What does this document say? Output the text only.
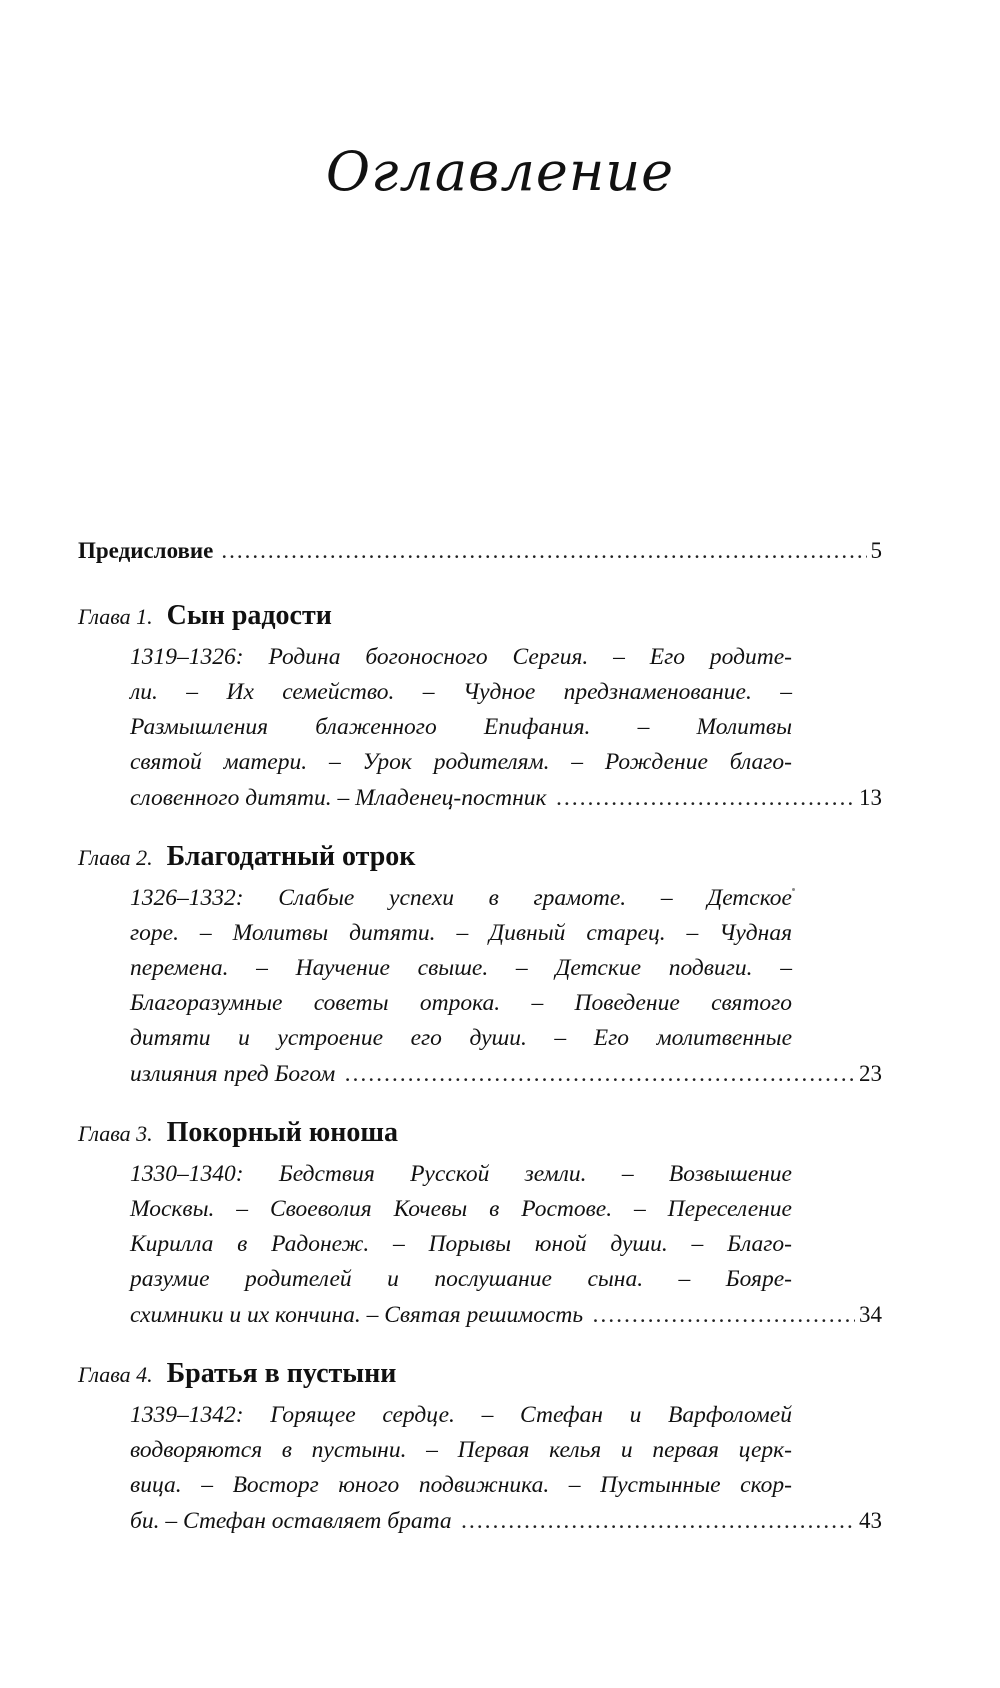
Оглавление
Предисловие .....	5
Глава 1. Сын радости
1319–1326: Родина богоносного Сергия. – Его родите-
ли. – Их семейство. – Чудное предзнаменование. –
Размышления блаженного Епифания. – Молитвы
святой матери. – Урок родителям. – Рождение благо-
словенного дитяти. – Младенец-постник .....	13
Глава 2. Благодатный отрок
1326–1332: Слабые успехи в грамоте. – Детское
горе. – Молитвы дитяти. – Дивный старец. – Чудная
перемена. – Научение свыше. – Детские подвиги. –
Благоразумные советы отрока. – Поведение святого
дитяти и устроение его души. – Его молитвенные
излияния пред Богом .....	23
Глава 3. Покорный юноша
1330–1340: Бедствия Русской земли. – Возвышение
Москвы. – Своеволия Кочевы в Ростове. – Переселение
Кирилла в Радонеж. – Порывы юной души. – Благо-
разумие родителей и послушание сына. – Бояре-
схимники и их кончина. – Святая решимость .....	34
Глава 4. Братья в пустыни
1339–1342: Горящее сердце. – Стефан и Варфоломей
водворяются в пустыни. – Первая келья и первая церк-
вица. – Восторг юного подвижника. – Пустынные скор-
би. – Стефан оставляет брата .....	43
